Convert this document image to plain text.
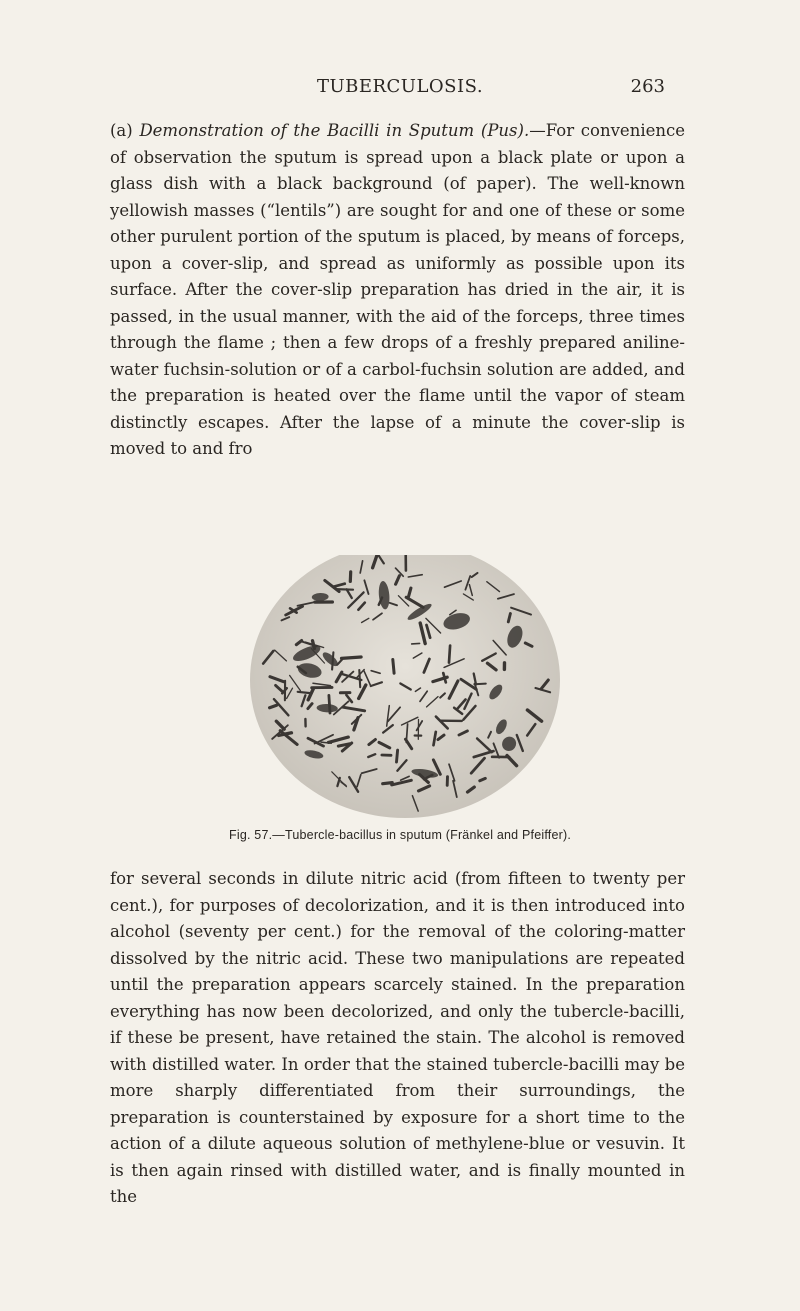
TUBERCULOSIS.	263
(a) Demonstration of the Bacilli in Sputum (Pus).—For convenience of observation the sputum is spread upon a black plate or upon a glass dish with a black background (of paper). The well-known yellowish masses (“lentils”) are sought for and one of these or some other purulent portion of the sputum is placed, by means of forceps, upon a cover-slip, and spread as uniformly as possible upon its surface. After the cover-slip preparation has dried in the air, it is passed, in the usual manner, with the aid of the forceps, three times through the flame ; then a few drops of a freshly prepared aniline-water fuchsin-solution or of a carbol-fuchsin solution are added, and the preparation is heated over the flame until the vapor of steam distinctly escapes. After the lapse of a minute the cover-slip is moved to and fro
Fig. 57.—Tubercle-bacillus in sputum (Fränkel and Pfeiffer).
for several seconds in dilute nitric acid (from fifteen to twenty per cent.), for purposes of decolorization, and it is then introduced into alcohol (seventy per cent.) for the removal of the coloring-matter dissolved by the nitric acid. These two manipulations are repeated until the preparation appears scarcely stained. In the preparation everything has now been decolorized, and only the tubercle-bacilli, if these be present, have retained the stain. The alcohol is removed with distilled water. In order that the stained tubercle-bacilli may be more sharply differentiated from their surroundings, the preparation is counterstained by exposure for a short time to the action of a dilute aqueous solution of methylene-blue or vesuvin. It is then again rinsed with distilled water, and is finally mounted in the
